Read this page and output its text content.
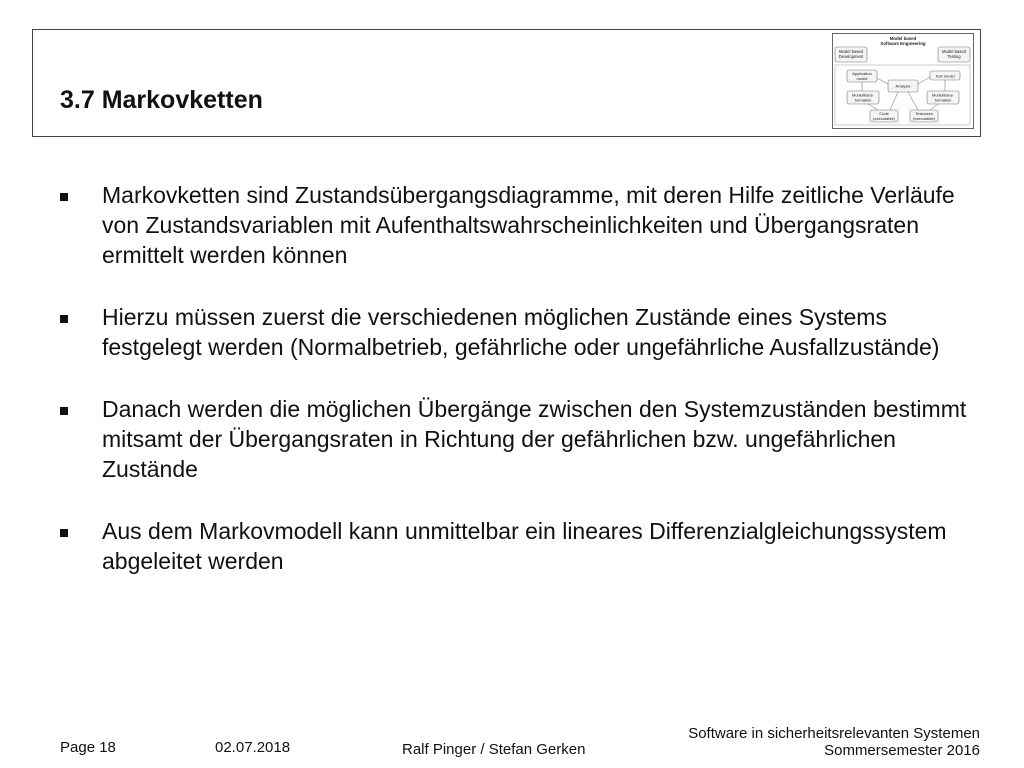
3.7 Markovketten
Model based
Software Engineering
Model based
Development
Model based
Testing
Application
model	Test model
Analysis
Modelltrans-
formation
Modelltrans-
formation
Code
(executable)
Testcases
(executable)
Markovketten sind Zustandsübergangsdiagramme, mit deren Hilfe zeitliche Verläufe von Zustandsvariablen mit Aufenthaltswahrscheinlichkeiten und Übergangsraten ermittelt werden können
Hierzu müssen zuerst die verschiedenen möglichen Zustände eines Systems festgelegt werden (Normalbetrieb, gefährliche oder ungefährliche Ausfallzustände)
Danach werden die möglichen Übergänge zwischen den Systemzuständen bestimmt mitsamt der Übergangsraten in Richtung der gefährlichen bzw. ungefährlichen Zustände
Aus dem Markovmodell kann unmittelbar ein lineares Differenzialgleichungssystem abgeleitet werden
Page 18	02.07.2018	Ralf Pinger / Stefan Gerken
Software in sicherheitsrelevanten Systemen
Sommersemester 2016
